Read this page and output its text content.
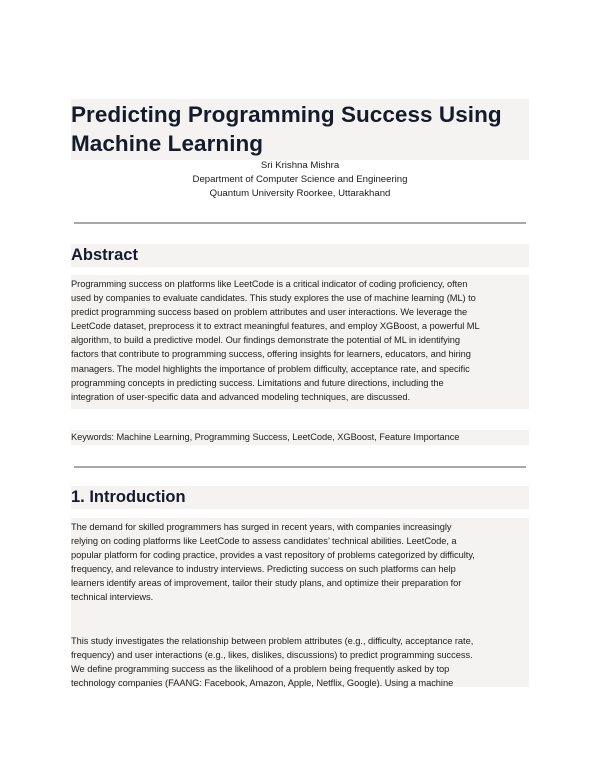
Predicting Programming Success Using
Machine Learning
Sri Krishna Mishra
Department of Computer Science and Engineering
Quantum University Roorkee, Uttarakhand
Abstract

Programming success on platforms like LeetCode is a critical indicator of coding proficiency, often
used by companies to evaluate candidates. This study explores the use of machine learning (ML) to
predict programming success based on problem attributes and user interactions. We leverage the
LeetCode dataset, preprocess it to extract meaningful features, and employ XGBoost, a powerful ML
algorithm, to build a predictive model. Our findings demonstrate the potential of ML in identifying
factors that contribute to programming success, offering insights for learners, educators, and hiring
managers. The model highlights the importance of problem difficulty, acceptance rate, and specific
programming concepts in predicting success. Limitations and future directions, including the
integration of user-specific data and advanced modeling techniques, are discussed.

Keywords: Machine Learning, Programming Success, LeetCode, XGBoost, Feature Importance

1. Introduction

The demand for skilled programmers has surged in recent years, with companies increasingly
relying on coding platforms like LeetCode to assess candidates’ technical abilities. LeetCode, a
popular platform for coding practice, provides a vast repository of problems categorized by difficulty,
frequency, and relevance to industry interviews. Predicting success on such platforms can help
learners identify areas of improvement, tailor their study plans, and optimize their preparation for
technical interviews.

This study investigates the relationship between problem attributes (e.g., difficulty, acceptance rate,
frequency) and user interactions (e.g., likes, dislikes, discussions) to predict programming success.
We define programming success as the likelihood of a problem being frequently asked by top
technology companies (FAANG: Facebook, Amazon, Apple, Netflix, Google). Using a machine
